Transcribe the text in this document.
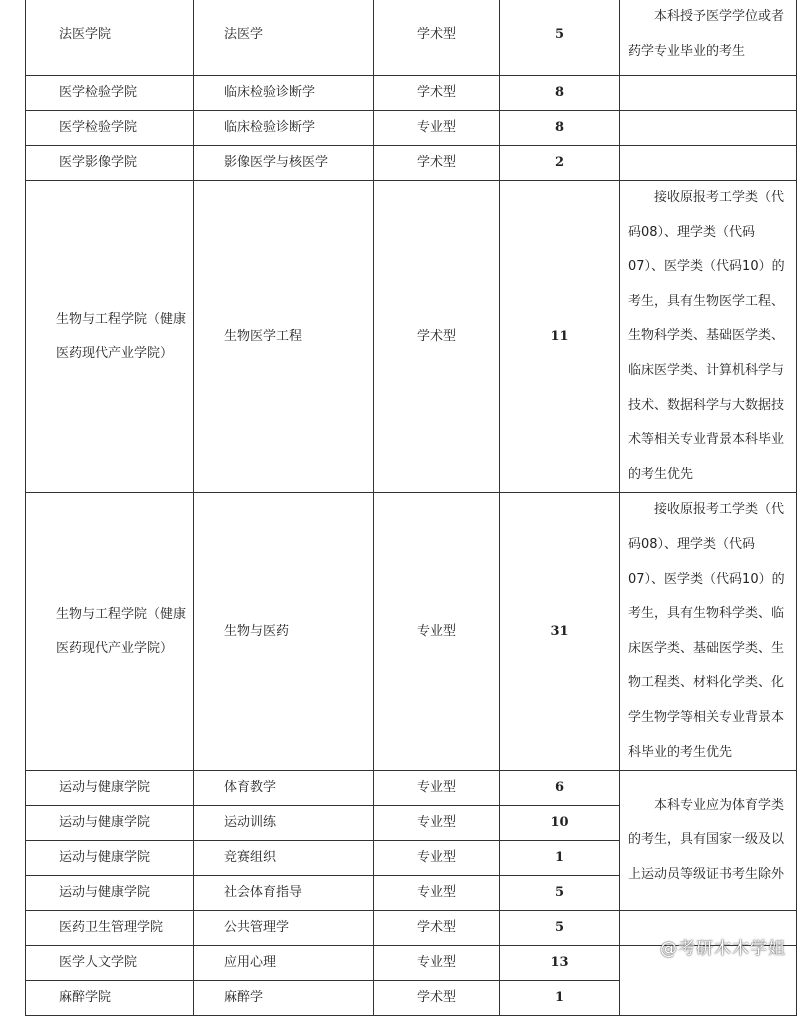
法医学院	法医学	学术型	5	本科授予医学学位或者药学专业毕业的考生

医学检验学院	临床检验诊断学	学术型	8	
医学检验学院	临床检验诊断学	专业型	8	
医学影像学院	影像医学与核医学	学术型	2	

生物与工程学院（健康医药现代产业学院）	生物医学工程	学术型	11	接收原报考工学类（代码08）、理学类（代码07）、医学类（代码10）的考生，具有生物医学工程、生物科学类、基础医学类、临床医学类、计算机科学与技术、数据科学与大数据技术等相关专业背景本科毕业的考生优先

生物与工程学院（健康医药现代产业学院）	生物与医药	专业型	31	接收原报考工学类（代码08）、理学类（代码07）、医学类（代码10）的考生，具有生物科学类、临床医学类、基础医学类、生物工程类、材料化学类、化学生物学等相关专业背景本科毕业的考生优先

运动与健康学院	体育教学	专业型	6	本科专业应为体育学类的考生，具有国家一级及以上运动员等级证书考生除外

运动与健康学院	运动训练	专业型	10	
运动与健康学院	竞赛组织	专业型	1	
运动与健康学院	社会体育指导	专业型	5	
医药卫生管理学院	公共管理学	学术型	5	
医学人文学院	应用心理	专业型	13	
麻醉学院	麻醉学	学术型	1	
@考研木木学姐
